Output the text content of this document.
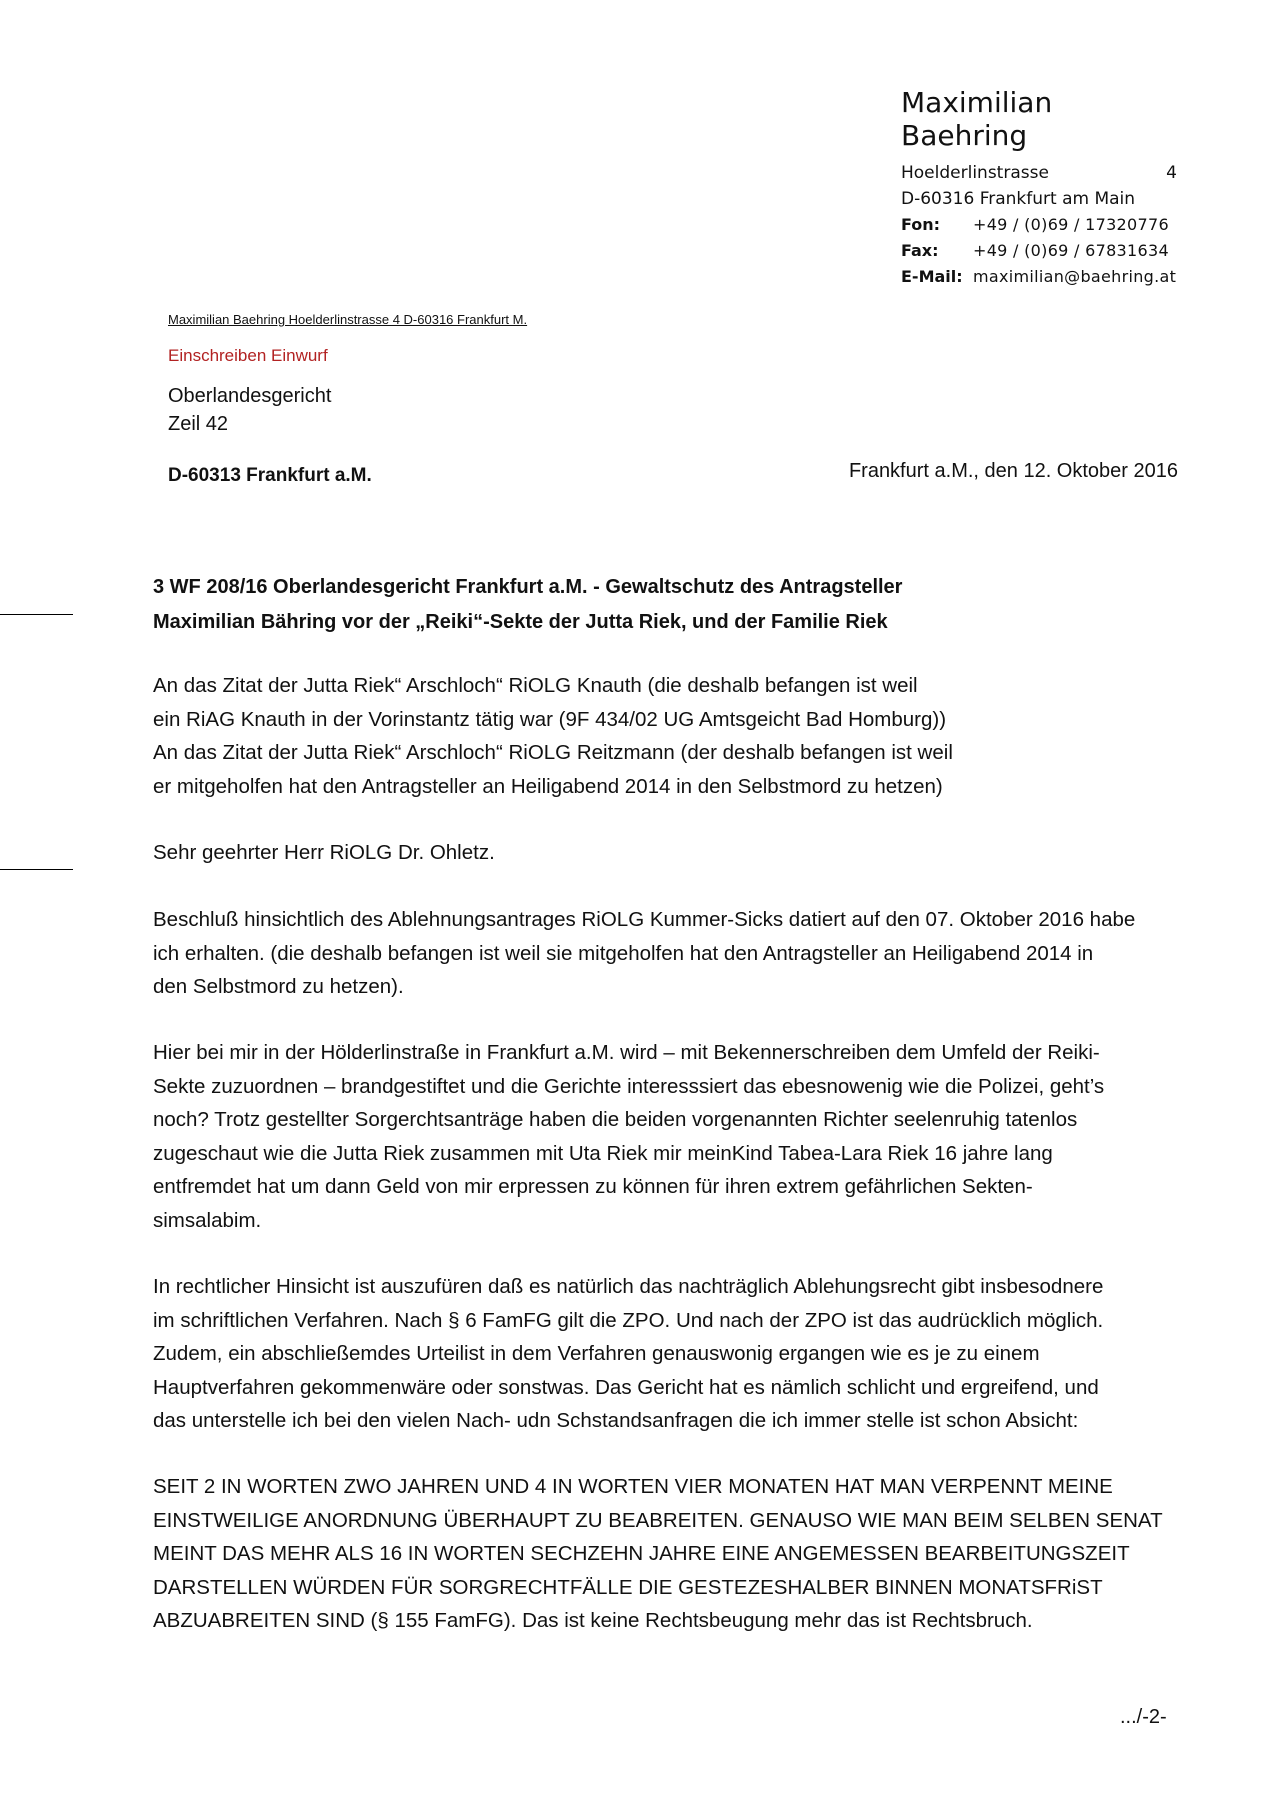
Maximilian Baehring
Hoelderlinstrasse	4
D-60316 Frankfurt am Main
Fon:	+49 / (0)69 / 17320776
Fax:	+49 / (0)69 / 67831634
E-Mail: maximilian@baehring.at
Maximilian Baehring Hoelderlinstrasse 4 D-60316 Frankfurt M.
Einschreiben Einwurf
Oberlandesgericht
Zeil 42
D-60313 Frankfurt a.M.	Frankfurt a.M., den 12. Oktober 2016
3 WF 208/16 Oberlandesgericht Frankfurt a.M. - Gewaltschutz des Antragsteller
Maximilian Bähring vor der „Reiki“-Sekte der Jutta Riek, und der Familie Riek
An das Zitat der Jutta Riek“ Arschloch“ RiOLG Knauth (die deshalb befangen ist weil
ein RiAG Knauth in der Vorinstantz tätig war (9F 434/02 UG Amtsgeicht Bad Homburg))
An das Zitat der Jutta Riek“ Arschloch“ RiOLG Reitzmann (der deshalb befangen ist weil
er mitgeholfen hat den Antragsteller an Heiligabend 2014 in den Selbstmord zu hetzen)
Sehr geehrter Herr RiOLG Dr. Ohletz.
Beschluß hinsichtlich des Ablehnungsantrages RiOLG Kummer-Sicks datiert auf den 07. Oktober 2016 habe
ich erhalten. (die deshalb befangen ist weil sie mitgeholfen hat den Antragsteller an Heiligabend 2014 in
den Selbstmord zu hetzen).
Hier bei mir in der Hölderlinstraße in Frankfurt a.M. wird – mit Bekennerschreiben dem Umfeld der Reiki-
Sekte zuzuordnen – brandgestiftet und die Gerichte interesssiert das ebesnowenig wie die Polizei, geht’s
noch? Trotz gestellter Sorgerchtsanträge haben die beiden vorgenannten Richter seelenruhig tatenlos
zugeschaut wie die Jutta Riek zusammen mit Uta Riek mir meinKind Tabea-Lara Riek 16 jahre lang
entfremdet hat um dann Geld von mir erpressen zu können für ihren extrem gefährlichen Sekten-
simsalabim.
In rechtlicher Hinsicht ist auszufüren daß es natürlich das nachträglich Ablehungsrecht gibt insbesodnere
im schriftlichen Verfahren. Nach § 6 FamFG gilt die ZPO. Und nach der ZPO ist das audrücklich möglich.
Zudem, ein abschließemdes Urteilist in dem Verfahren genauswonig ergangen wie es je zu einem
Hauptverfahren gekommenwäre oder sonstwas. Das Gericht hat es nämlich schlicht und ergreifend, und
das unterstelle ich bei den vielen Nach- udn Schstandsanfragen die ich immer stelle ist schon Absicht:
SEIT 2 IN WORTEN ZWO JAHREN UND 4 IN WORTEN VIER MONATEN HAT MAN VERPENNT MEINE
EINSTWEILIGE ANORDNUNG ÜBERHAUPT ZU BEABREITEN. GENAUSO WIE MAN BEIM SELBEN SENAT
MEINT DAS MEHR ALS 16 IN WORTEN SECHZEHN JAHRE EINE ANGEMESSEN BEARBEITUNGSZEIT
DARSTELLEN WÜRDEN FÜR SORGRECHTFÄLLE DIE GESTEZESHALBER BINNEN MONATSFRiST
ABZUABREITEN SIND (§ 155 FamFG). Das ist keine Rechtsbeugung mehr das ist Rechtsbruch.
.../-2-
